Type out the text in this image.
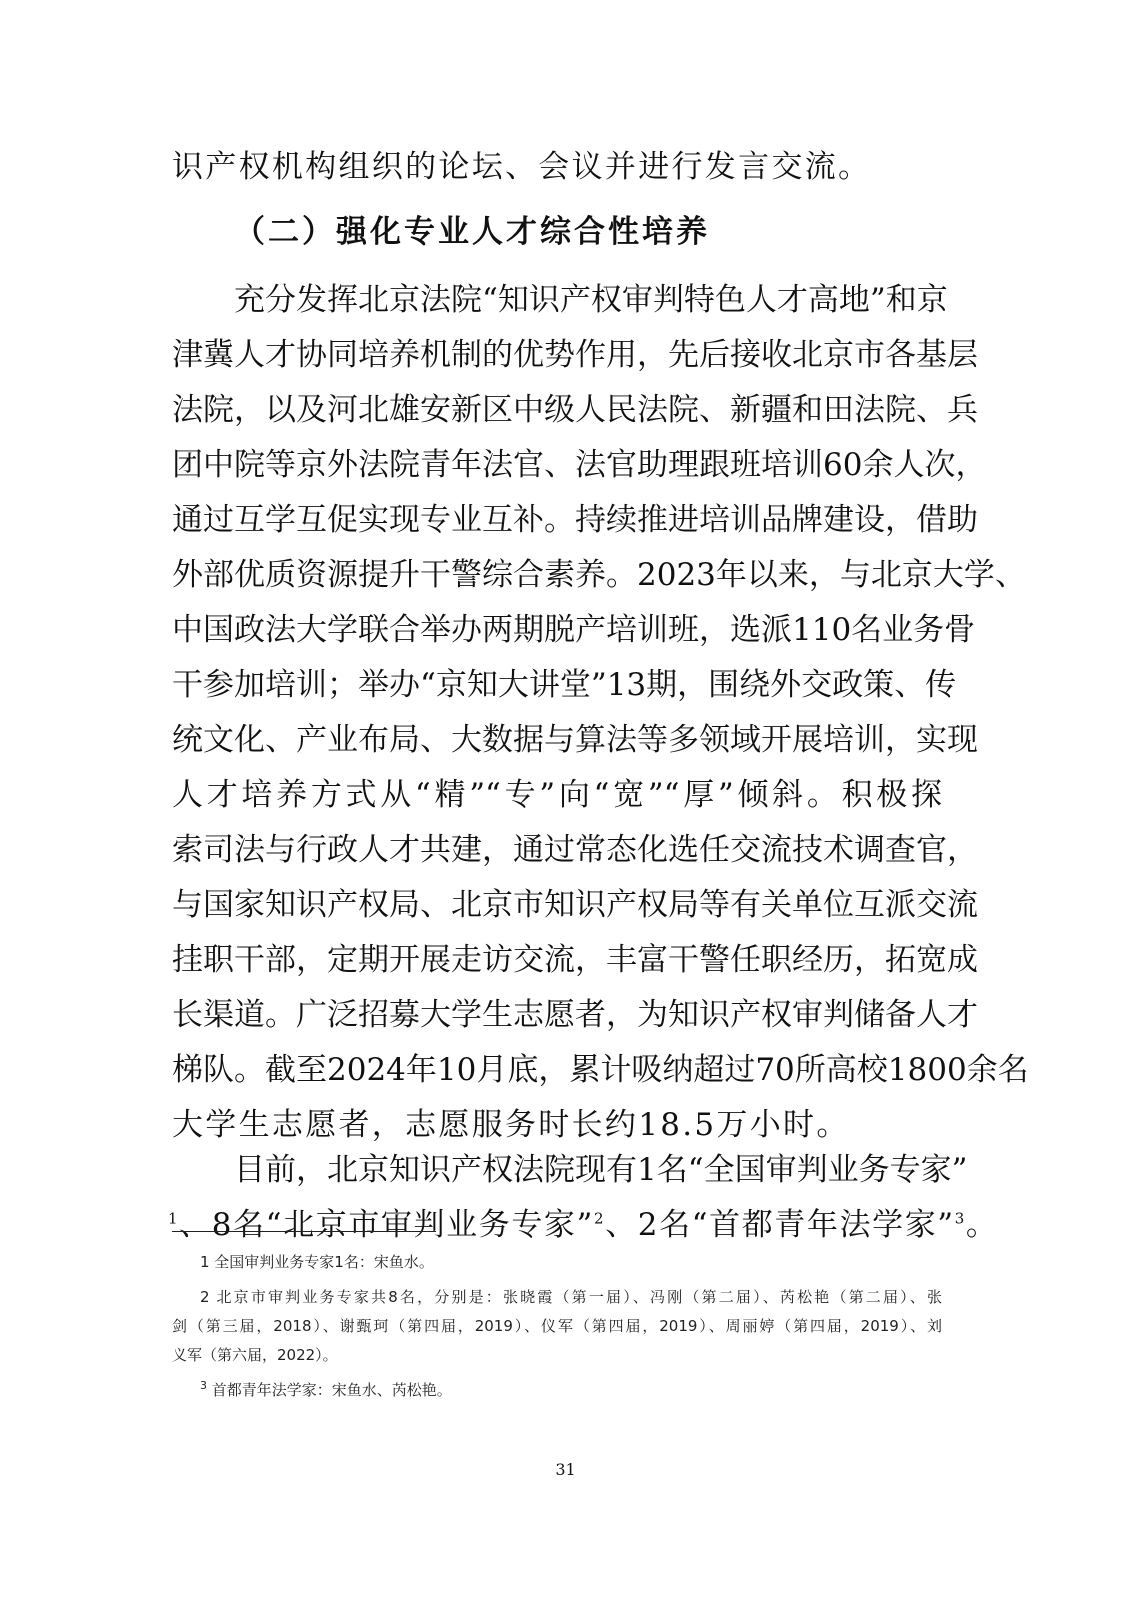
识产权机构组织的论坛、会议并进行发言交流。
（二）强化专业人才综合性培养
充分发挥北京法院“知识产权审判特色人才高地”和京
津冀人才协同培养机制的优势作用，先后接收北京市各基层
法院，以及河北雄安新区中级人民法院、新疆和田法院、兵
团中院等京外法院青年法官、法官助理跟班培训60余人次，
通过互学互促实现专业互补。持续推进培训品牌建设，借助
外部优质资源提升干警综合素养。2023年以来，与北京大学、
中国政法大学联合举办两期脱产培训班，选派110名业务骨
干参加培训；举办“京知大讲堂”13期，围绕外交政策、传
统文化、产业布局、大数据与算法等多领域开展培训，实现
人才培养方式从“精”“专”向“宽”“厚”倾斜。积极探
索司法与行政人才共建，通过常态化选任交流技术调查官，
与国家知识产权局、北京市知识产权局等有关单位互派交流
挂职干部，定期开展走访交流，丰富干警任职经历，拓宽成
长渠道。广泛招募大学生志愿者，为知识产权审判储备人才
梯队。截至2024年10月底，累计吸纳超过70所高校1800余名
大学生志愿者，志愿服务时长约18.5万小时。
目前，北京知识产权法院现有1名“全国审判业务专家”
$^1$、8名“北京市审判业务专家”$^2$、2名“首都青年法学家”$^3$。
1 全国审判业务专家1名：宋鱼水。
2 北京市审判业务专家共8名，分别是：张晓霞（第一届）、冯刚（第二届）、芮松艳（第二届）、张
剑（第三届，2018）、谢甄珂（第四届，2019）、仪军（第四届，2019）、周丽婷（第四届，2019）、刘
义军（第六届，2022）。
$^3$ 首都青年法学家：宋鱼水、芮松艳。
31
